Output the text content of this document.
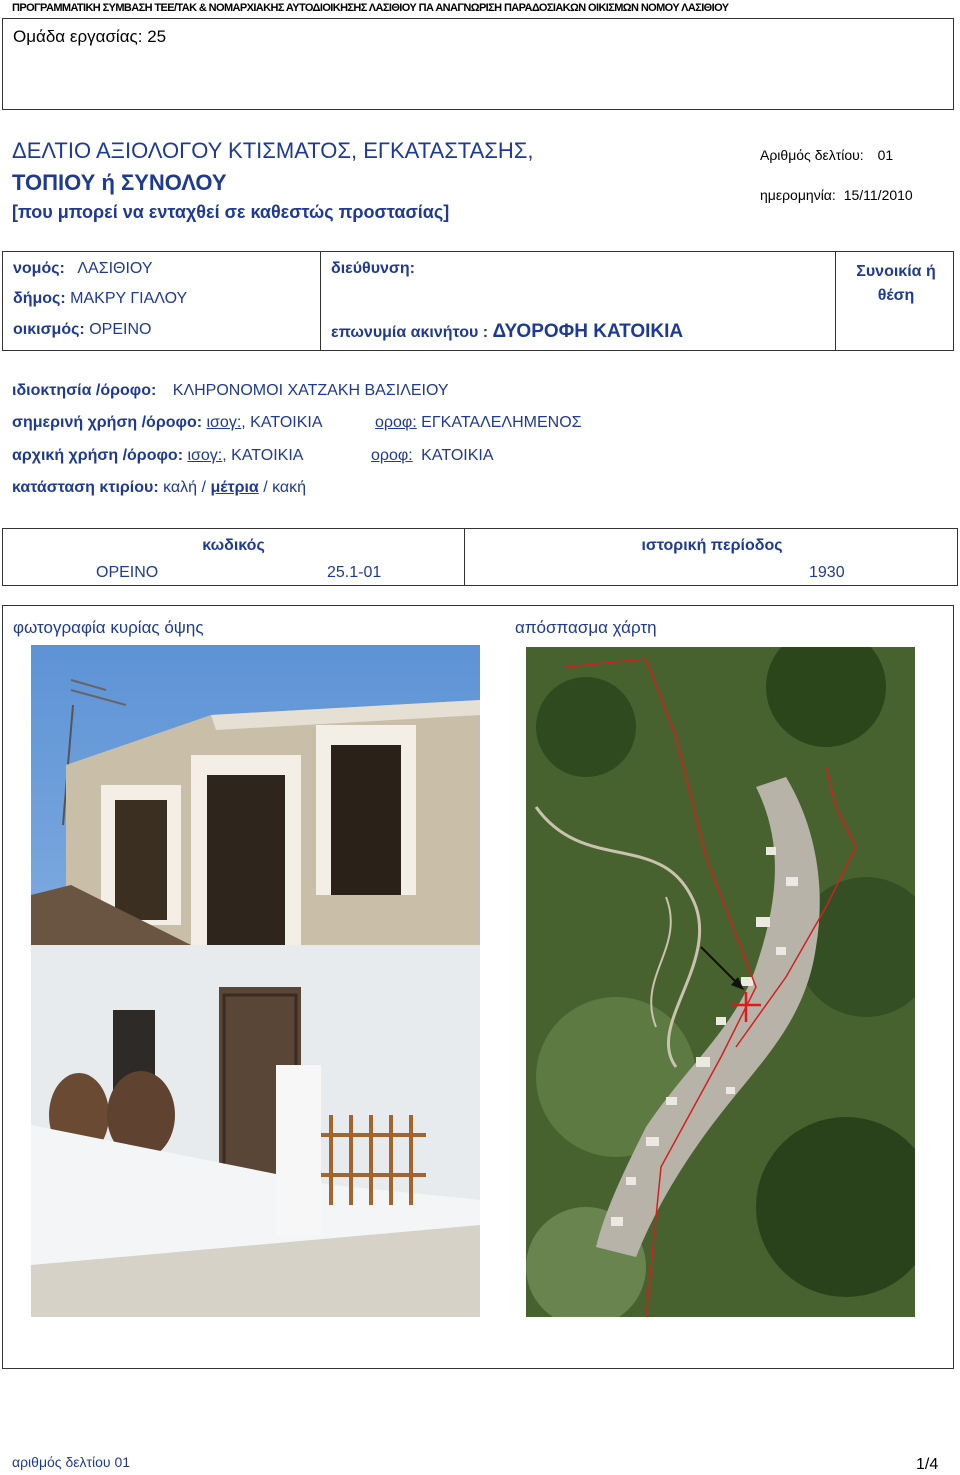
ΠΡΟΓΡΑΜΜΑΤΙΚΗ ΣΥΜΒΑΣΗ ΤΕΕ/ΤΑΚ & ΝΟΜΑΡΧΙΑΚΗΣ ΑΥΤΟΔΙΟΙΚΗΣΗΣ ΛΑΣΙΘΙΟΥ ΠΑ ΑΝΑΓΝΩΡΙΣΗ ΠΑΡΑΔΟΣΙΑΚΩΝ ΟΙΚΙΣΜΩΝ ΝΟΜΟΥ ΛΑΣΙΘΙΟΥ
Ομάδα εργασίας: 25
ΔΕΛΤΙΟ ΑΞΙΟΛΟΓΟΥ ΚΤΙΣΜΑΤΟΣ, ΕΓΚΑΤΑΣΤΑΣΗΣ,
ΤΟΠΙΟΥ ή ΣΥΝΟΛΟΥ
[που μπορεί να ενταχθεί σε καθεστώς προστασίας]
Αριθμός δελτίου: 01
ημερομηνία: 15/11/2010
νομός: ΛΑΣΙΘΙΟΥ
δήμος: ΜΑΚΡΥ ΓΙΑΛΟΥ
οικισμός: ΟΡΕΙΝΟ
διεύθυνση:
επωνυμία ακινήτου : ΔΥΟΡΟΦΗ ΚΑΤΟΙΚΙΑ
Συνοικία ή
θέση
ιδιοκτησία /όροφο: ΚΛΗΡΟΝΟΜΟΙ ΧΑΤΖΑΚΗ ΒΑΣΙΛΕΙΟΥ
σημερινή χρήση /όροφο: ισογ:, ΚΑΤΟΙΚΙΑ	οροφ: ΕΓΚΑΤΑΛΕΛΗΜΕΝΟΣ
αρχική χρήση /όροφο: ισογ:, ΚΑΤΟΙΚΙΑ	οροφ: ΚΑΤΟΙΚΙΑ
κατάσταση κτιρίου: καλή / μέτρια / κακή
κωδικός
ΟΡΕΙΝΟ	25.1-01
ιστορική περίοδος
1930
φωτογραφία κυρίας όψης	απόσπασμα χάρτη
αριθμός δελτίου 01	1/4
